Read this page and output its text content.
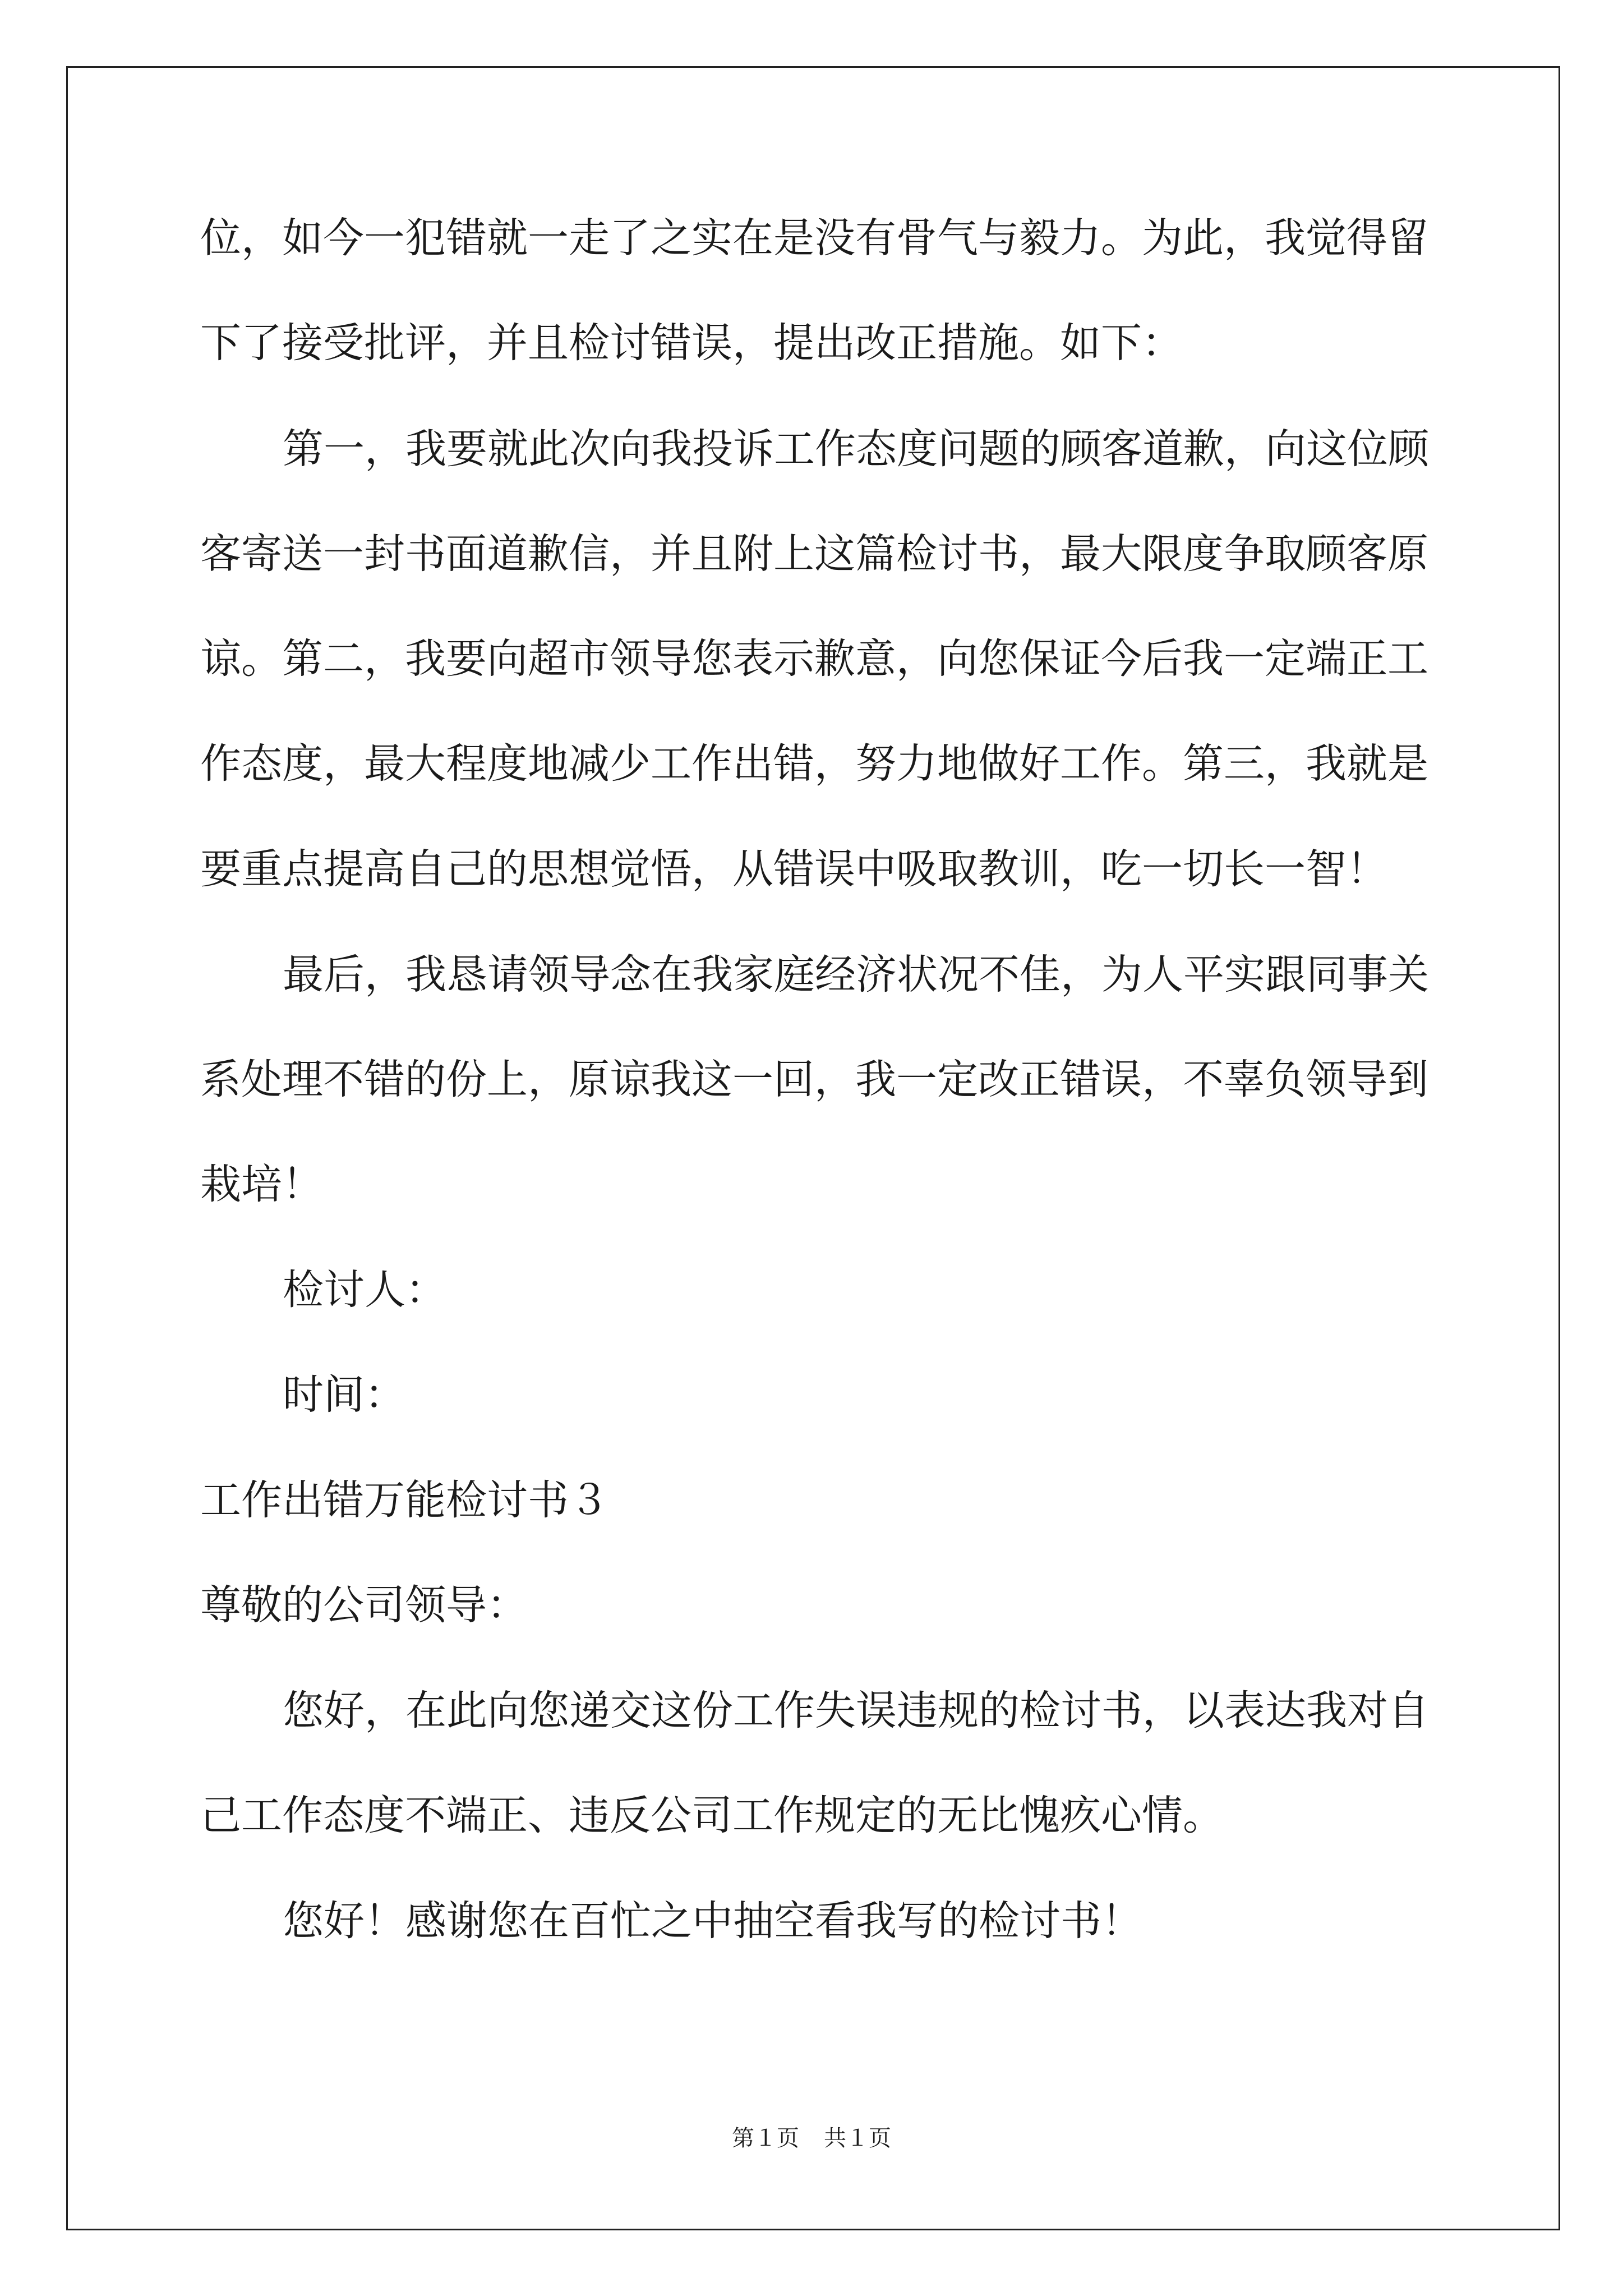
位，如今一犯错就一走了之实在是没有骨气与毅力。为此，我觉得留
下了接受批评，并且检讨错误，提出改正措施。如下：
第一，我要就此次向我投诉工作态度问题的顾客道歉，向这位顾
客寄送一封书面道歉信，并且附上这篇检讨书，最大限度争取顾客原
谅。第二，我要向超市领导您表示歉意，向您保证今后我一定端正工
作态度，最大程度地减少工作出错，努力地做好工作。第三，我就是
要重点提高自己的思想觉悟，从错误中吸取教训，吃一切长一智！
最后，我恳请领导念在我家庭经济状况不佳，为人平实跟同事关
系处理不错的份上，原谅我这一回，我一定改正错误，不辜负领导到
栽培！
检讨人：
时间：
工作出错万能检讨书３
尊敬的公司领导：
您好，在此向您递交这份工作失误违规的检讨书，以表达我对自
己工作态度不端正、违反公司工作规定的无比愧疚心情。
您好！感谢您在百忙之中抽空看我写的检讨书！
第１页 共１页
